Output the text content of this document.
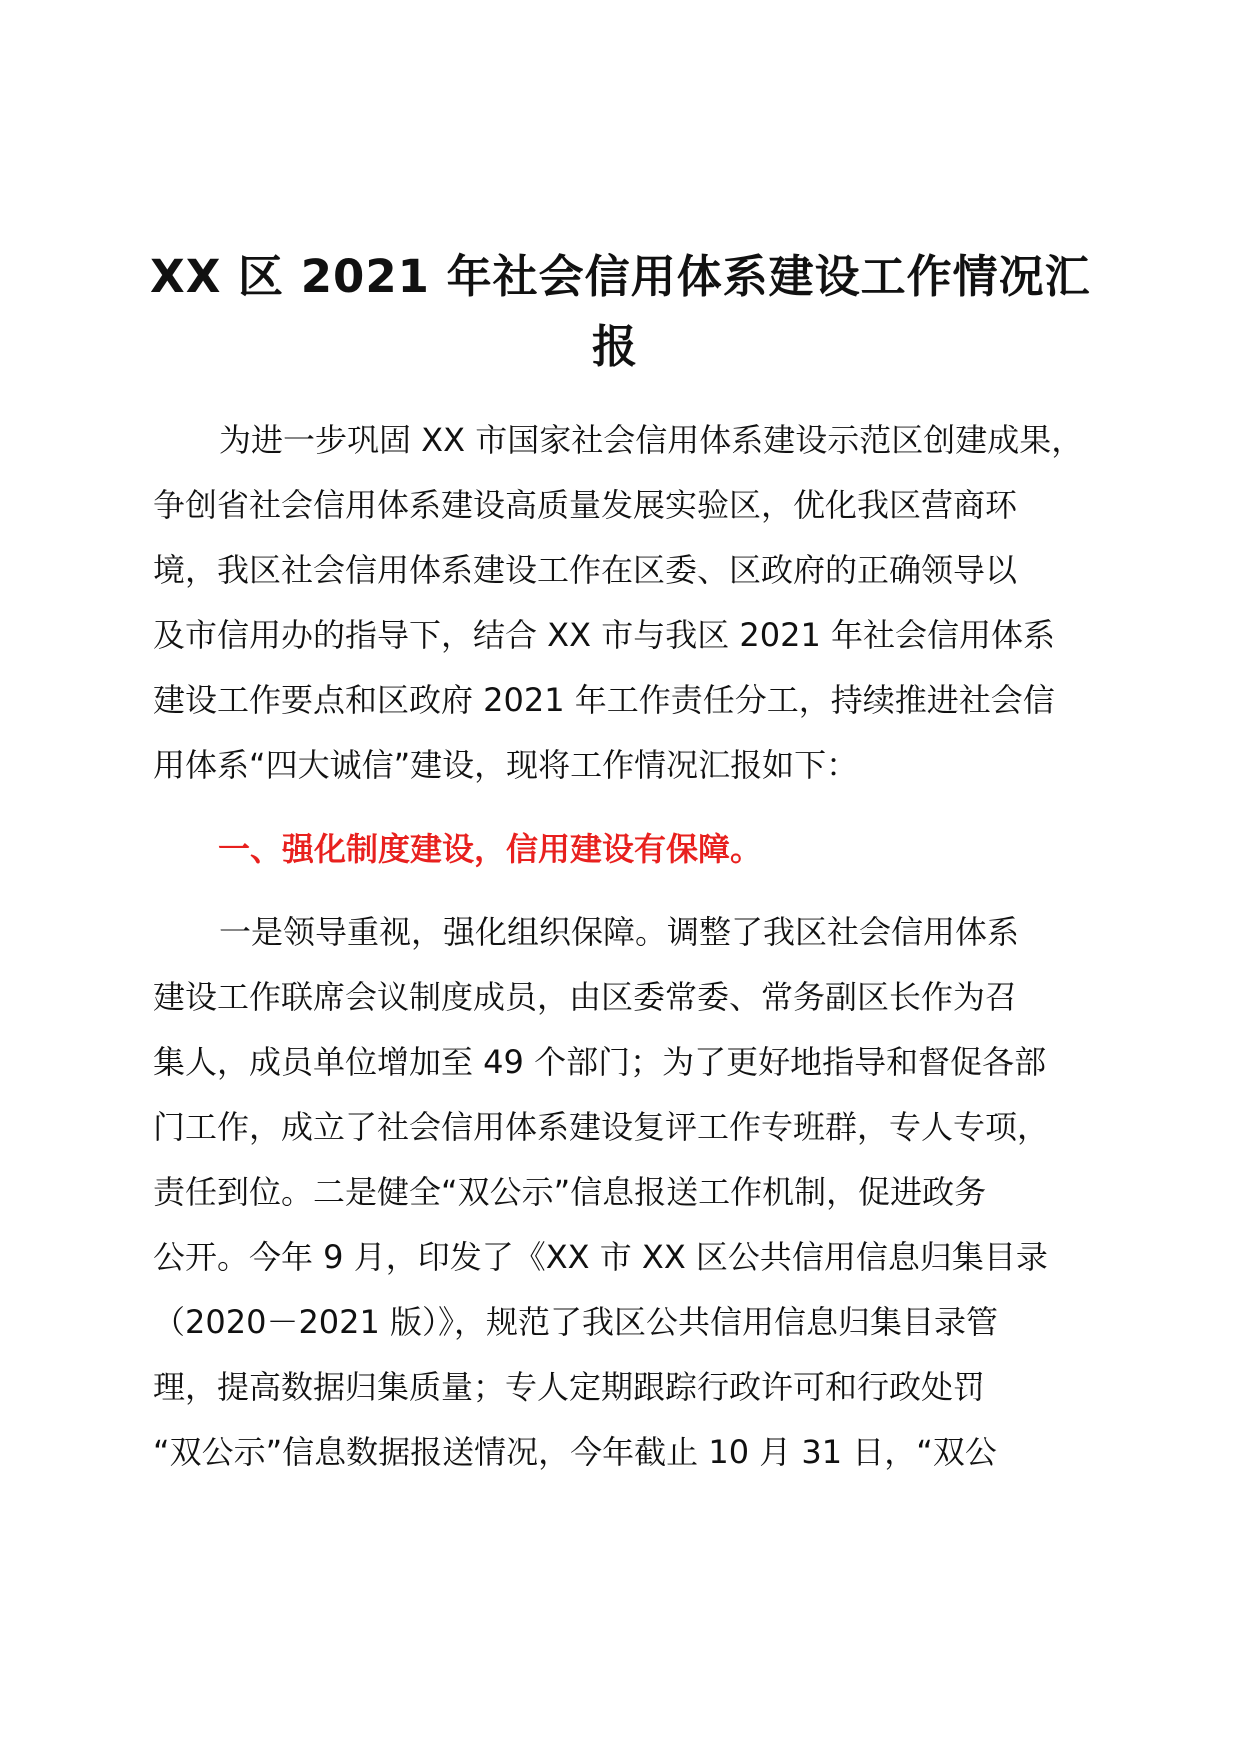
XX 区 2021 年社会信用体系建设工作情况汇
报

为进一步巩固 XX 市国家社会信用体系建设示范区创建成果，
争创省社会信用体系建设高质量发展实验区，优化我区营商环
境，我区社会信用体系建设工作在区委、区政府的正确领导以
及市信用办的指导下，结合 XX 市与我区 2021 年社会信用体系
建设工作要点和区政府 2021 年工作责任分工，持续推进社会信
用体系“四大诚信”建设，现将工作情况汇报如下：

一、强化制度建设，信用建设有保障。

一是领导重视，强化组织保障。调整了我区社会信用体系
建设工作联席会议制度成员，由区委常委、常务副区长作为召
集人，成员单位增加至 49 个部门；为了更好地指导和督促各部
门工作，成立了社会信用体系建设复评工作专班群，专人专项，
责任到位。二是健全“双公示”信息报送工作机制，促进政务
公开。今年 9 月，印发了《XX 市 XX 区公共信用信息归集目录
（2020－2021 版）》，规范了我区公共信用信息归集目录管
理，提高数据归集质量；专人定期跟踪行政许可和行政处罚
“双公示”信息数据报送情况，今年截止 10 月 31 日，“双公
